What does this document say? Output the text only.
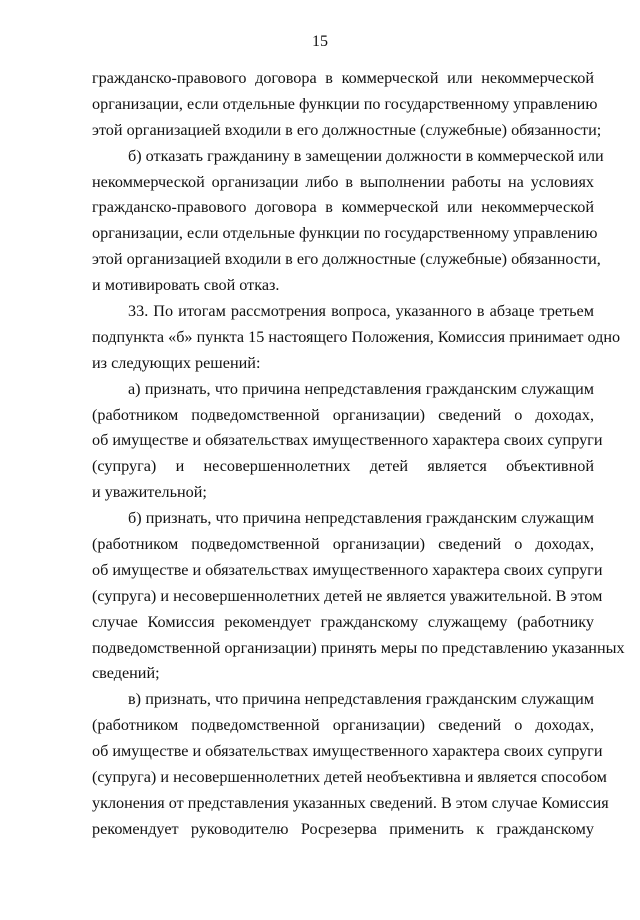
15
гражданско-правового договора в коммерческой или некоммерческой
организации, если отдельные функции по государственному управлению
этой организацией входили в его должностные (служебные) обязанности;
б) отказать гражданину в замещении должности в коммерческой или
некоммерческой организации либо в выполнении работы на условиях
гражданско-правового договора в коммерческой или некоммерческой
организации, если отдельные функции по государственному управлению
этой организацией входили в его должностные (служебные) обязанности,
и мотивировать свой отказ.
33. По итогам рассмотрения вопроса, указанного в абзаце третьем
подпункта «б» пункта 15 настоящего Положения, Комиссия принимает одно
из следующих решений:
а) признать, что причина непредставления гражданским служащим
(работником подведомственной организации) сведений о доходах,
об имуществе и обязательствах имущественного характера своих супруги
(супруга) и несовершеннолетних детей является объективной
и уважительной;
б) признать, что причина непредставления гражданским служащим
(работником подведомственной организации) сведений о доходах,
об имуществе и обязательствах имущественного характера своих супруги
(супруга) и несовершеннолетних детей не является уважительной. В этом
случае Комиссия рекомендует гражданскому служащему (работнику
подведомственной организации) принять меры по представлению указанных
сведений;
в) признать, что причина непредставления гражданским служащим
(работником подведомственной организации) сведений о доходах,
об имуществе и обязательствах имущественного характера своих супруги
(супруга) и несовершеннолетних детей необъективна и является способом
уклонения от представления указанных сведений. В этом случае Комиссия
рекомендует руководителю Росрезерва применить к гражданскому
